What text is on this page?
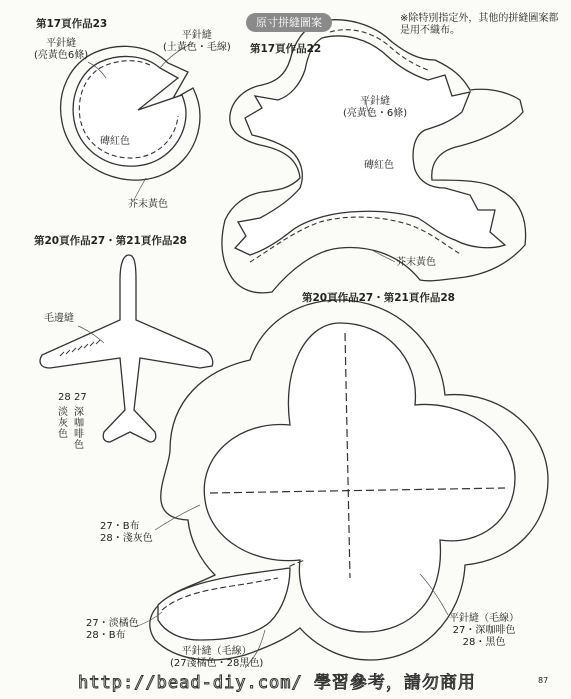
原寸拼縫圖案	※除特別指定外，其他的拼縫圖案都是用不織布。
第17頁作品23
平針縫
(亮黃色6條)
平針縫
(土黃色・毛線)
磚紅色
芥末黃色
第17頁作品22
平針縫
(亮黃色・6條)
磚紅色
芥末黃色
第20頁作品27・第21頁作品28
毛邊縫
28 27
淡灰色
深咖啡色
第20頁作品27・第21頁作品28
27・B布
28・淺灰色
27・淡橘色
28・B布
平針縫（毛線）
(27淺橘色・28黑色)
平針縫（毛線）
27・深咖啡色
28・黑色
http://bead-diy.com/ 學習參考，請勿商用	87
